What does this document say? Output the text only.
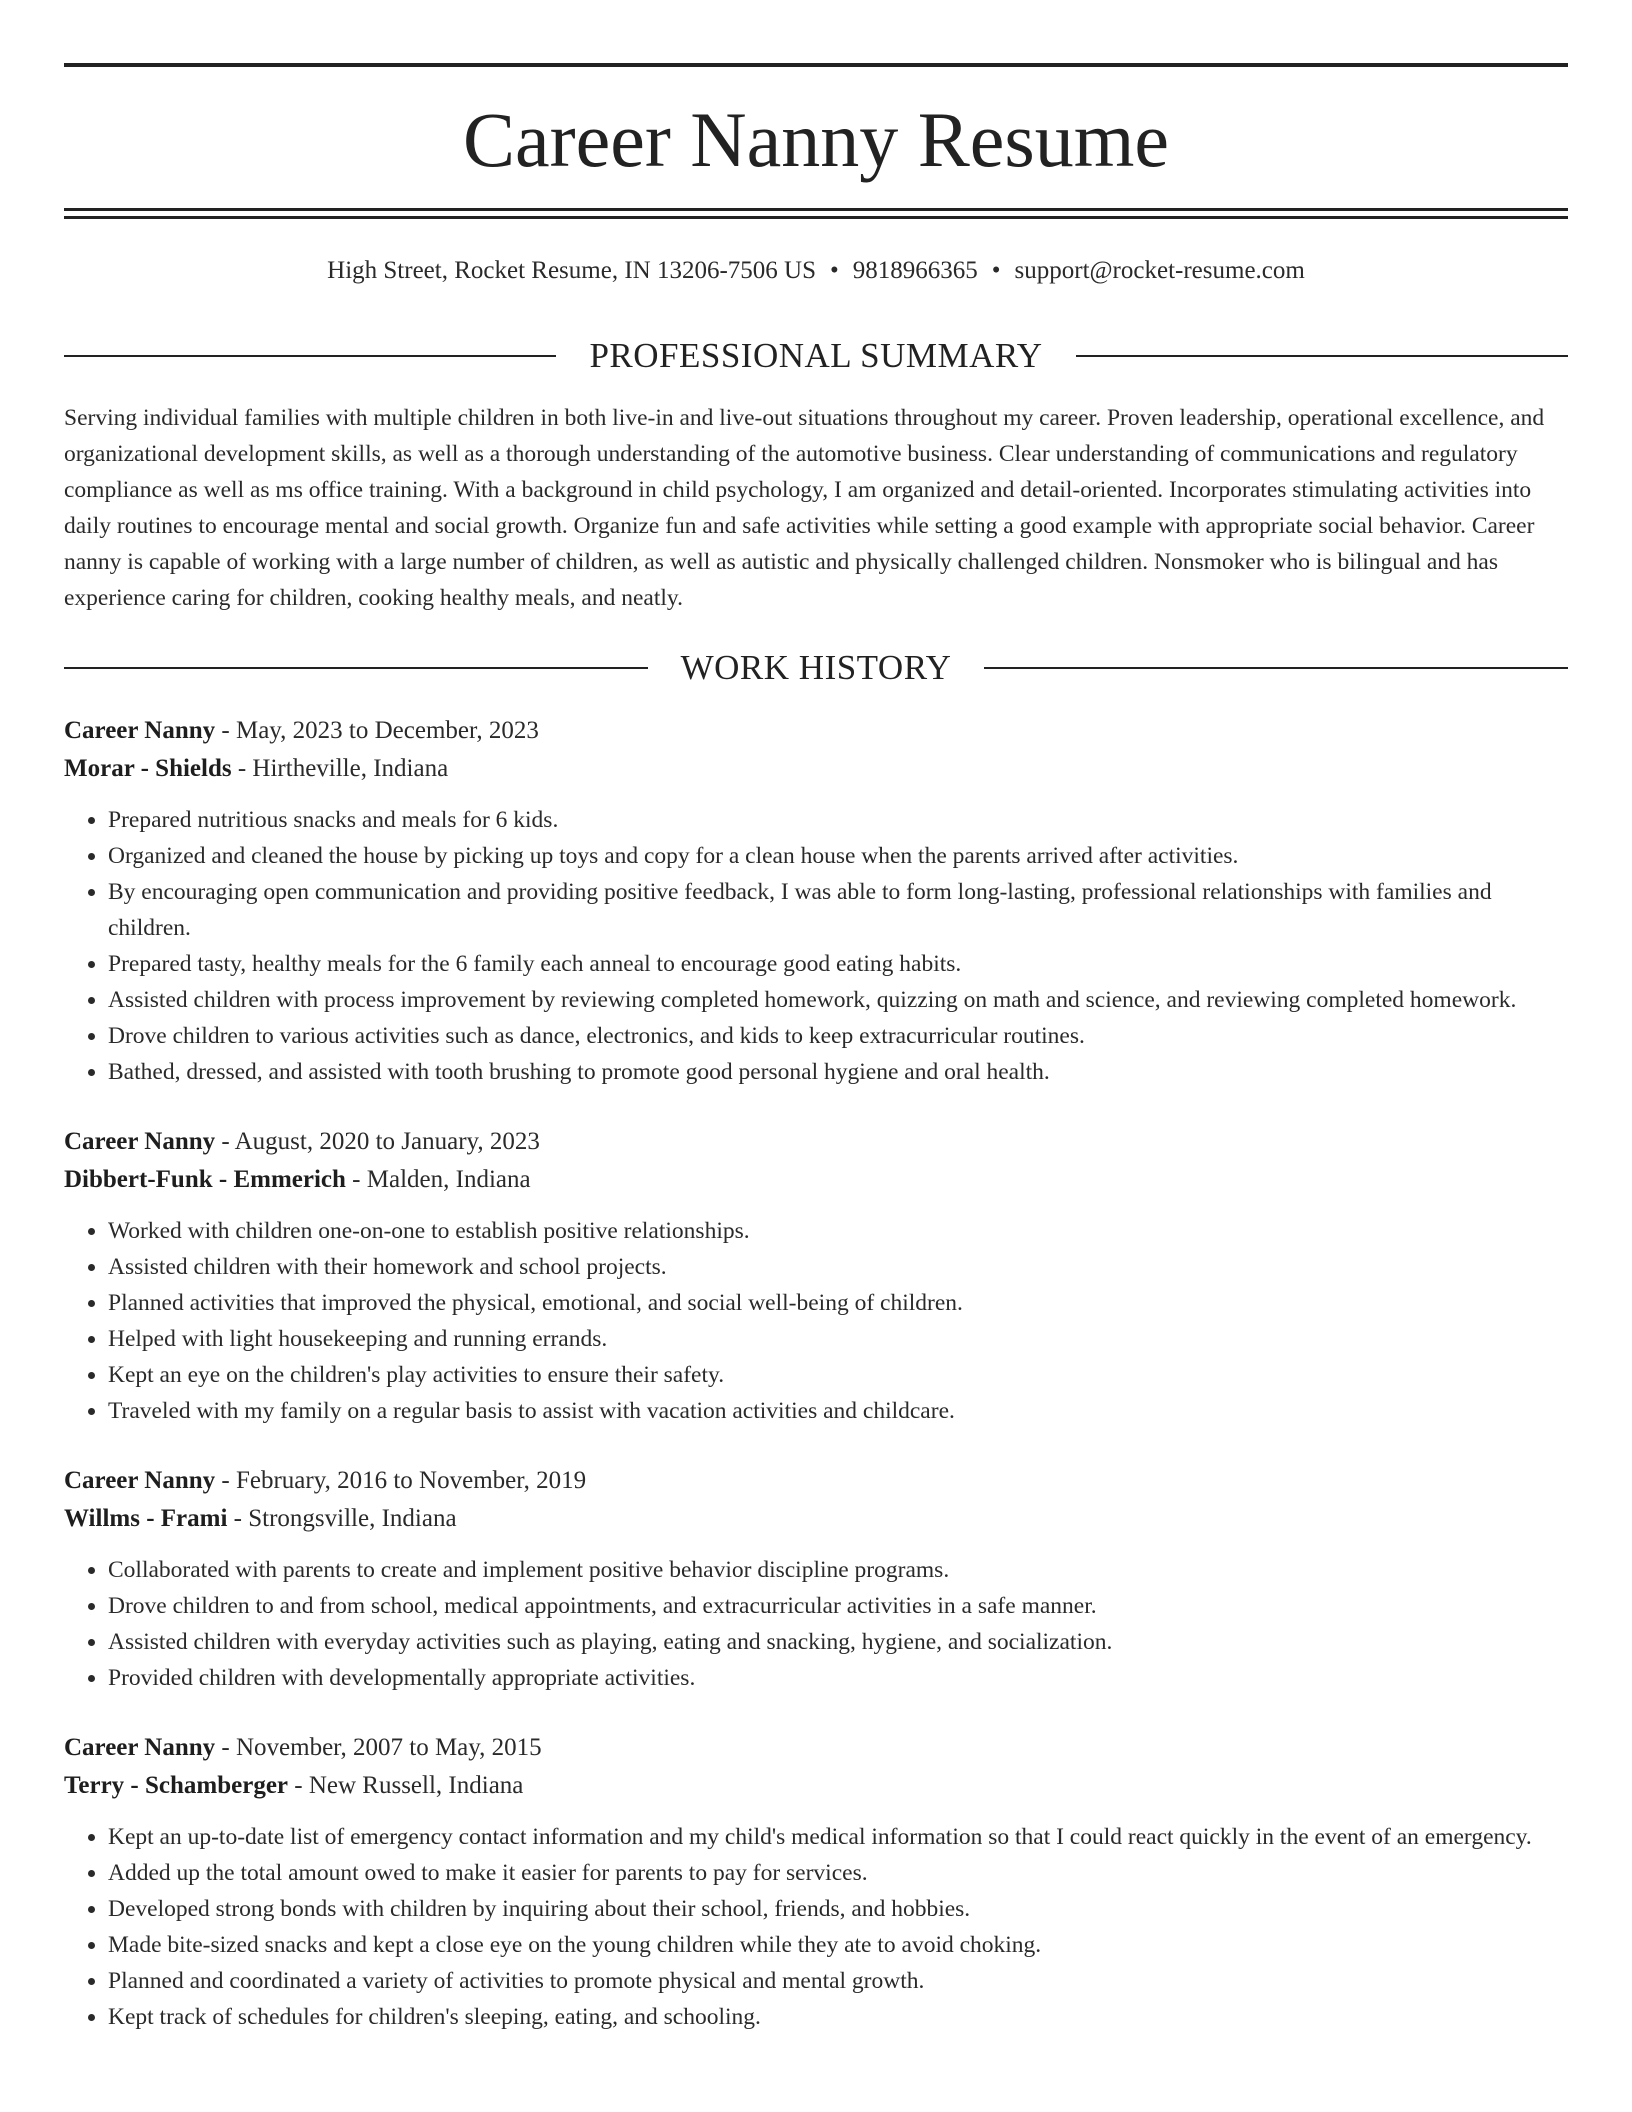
Career Nanny Resume
High Street, Rocket Resume, IN 13206-7506 US • 9818966365 • support@rocket-resume.com
PROFESSIONAL SUMMARY

Serving individual families with multiple children in both live-in and live-out situations throughout my career. Proven leadership, operational excellence, and organizational development skills, as well as a thorough understanding of the automotive business. Clear understanding of communications and regulatory compliance as well as ms office training. With a background in child psychology, I am organized and detail-oriented. Incorporates stimulating activities into daily routines to encourage mental and social growth. Organize fun and safe activities while setting a good example with appropriate social behavior. Career nanny is capable of working with a large number of children, as well as autistic and physically challenged children. Nonsmoker who is bilingual and has experience caring for children, cooking healthy meals, and neatly.

WORK HISTORY
Career Nanny - May, 2023 to December, 2023
Morar - Shields - Hirtheville, Indiana
• Prepared nutritious snacks and meals for 6 kids.
• Organized and cleaned the house by picking up toys and copy for a clean house when the parents arrived after activities.
• By encouraging open communication and providing positive feedback, I was able to form long-lasting, professional relationships with families and children.
• Prepared tasty, healthy meals for the 6 family each anneal to encourage good eating habits.
• Assisted children with process improvement by reviewing completed homework, quizzing on math and science, and reviewing completed homework.
• Drove children to various activities such as dance, electronics, and kids to keep extracurricular routines.
• Bathed, dressed, and assisted with tooth brushing to promote good personal hygiene and oral health.
Career Nanny - August, 2020 to January, 2023
Dibbert-Funk - Emmerich - Malden, Indiana
• Worked with children one-on-one to establish positive relationships.
• Assisted children with their homework and school projects.
• Planned activities that improved the physical, emotional, and social well-being of children.
• Helped with light housekeeping and running errands.
• Kept an eye on the children's play activities to ensure their safety.
• Traveled with my family on a regular basis to assist with vacation activities and childcare.
Career Nanny - February, 2016 to November, 2019
Willms - Frami - Strongsville, Indiana
• Collaborated with parents to create and implement positive behavior discipline programs.
• Drove children to and from school, medical appointments, and extracurricular activities in a safe manner.
• Assisted children with everyday activities such as playing, eating and snacking, hygiene, and socialization.
• Provided children with developmentally appropriate activities.
Career Nanny - November, 2007 to May, 2015
Terry - Schamberger - New Russell, Indiana
• Kept an up-to-date list of emergency contact information and my child's medical information so that I could react quickly in the event of an emergency.
• Added up the total amount owed to make it easier for parents to pay for services.
• Developed strong bonds with children by inquiring about their school, friends, and hobbies.
• Made bite-sized snacks and kept a close eye on the young children while they ate to avoid choking.
• Planned and coordinated a variety of activities to promote physical and mental growth.
• Kept track of schedules for children's sleeping, eating, and schooling.
